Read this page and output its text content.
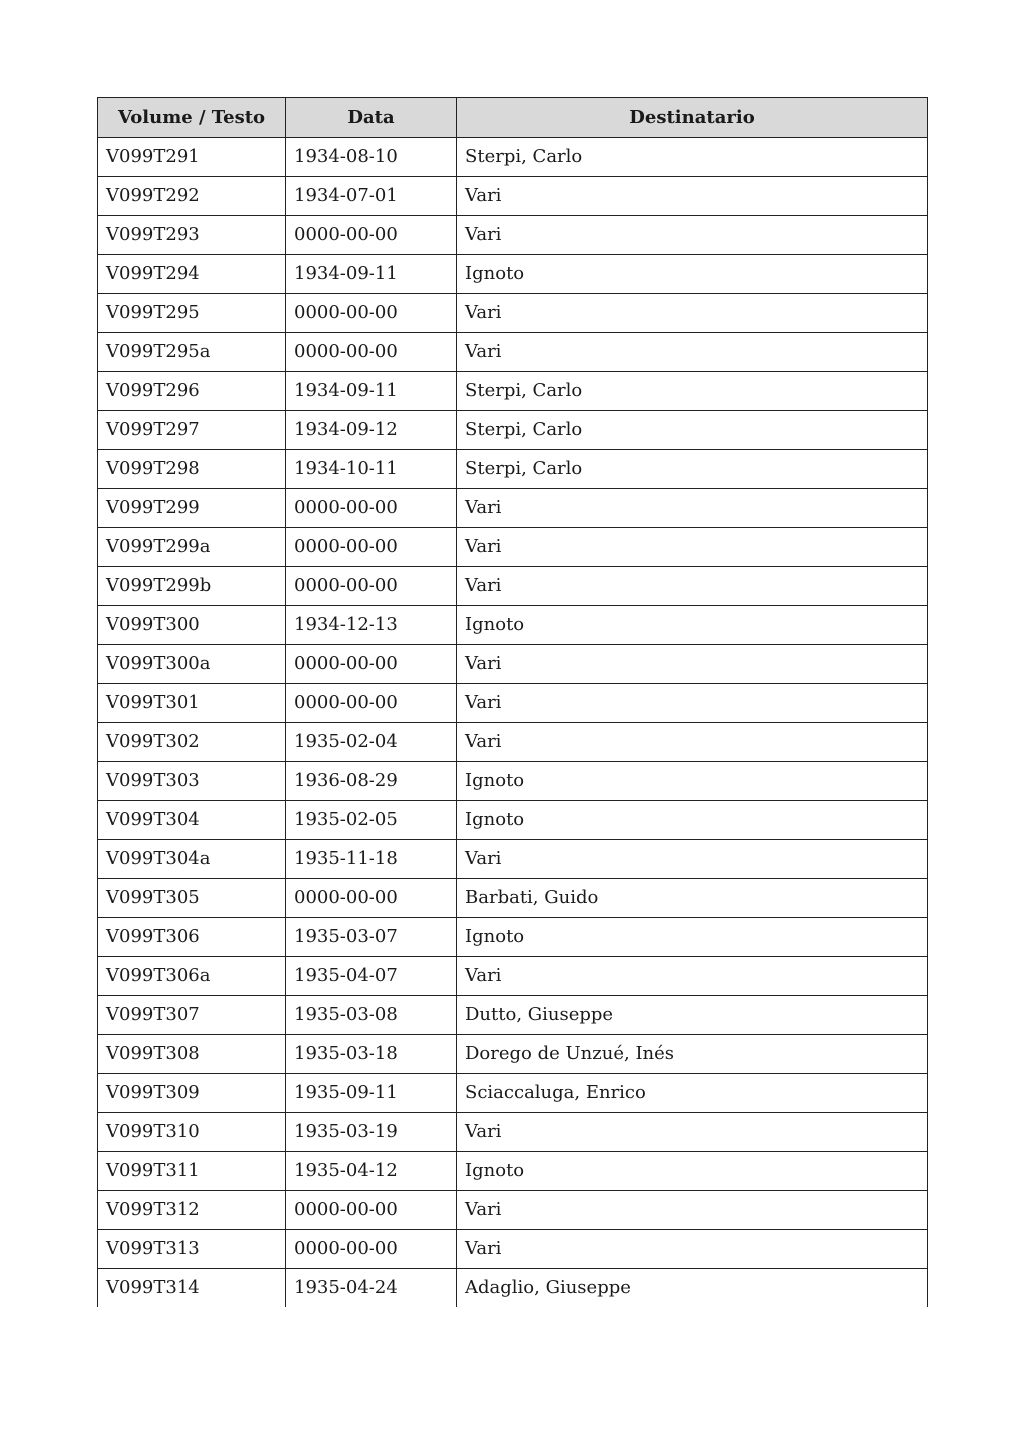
Volume / Testo	Data	Destinatario
V099T291	1934-08-10	Sterpi, Carlo
V099T292	1934-07-01	Vari
V099T293	0000-00-00	Vari
V099T294	1934-09-11	Ignoto
V099T295	0000-00-00	Vari
V099T295a	0000-00-00	Vari
V099T296	1934-09-11	Sterpi, Carlo
V099T297	1934-09-12	Sterpi, Carlo
V099T298	1934-10-11	Sterpi, Carlo
V099T299	0000-00-00	Vari
V099T299a	0000-00-00	Vari
V099T299b	0000-00-00	Vari
V099T300	1934-12-13	Ignoto
V099T300a	0000-00-00	Vari
V099T301	0000-00-00	Vari
V099T302	1935-02-04	Vari
V099T303	1936-08-29	Ignoto
V099T304	1935-02-05	Ignoto
V099T304a	1935-11-18	Vari
V099T305	0000-00-00	Barbati, Guido
V099T306	1935-03-07	Ignoto
V099T306a	1935-04-07	Vari
V099T307	1935-03-08	Dutto, Giuseppe
V099T308	1935-03-18	Dorego de Unzué, Inés
V099T309	1935-09-11	Sciaccaluga, Enrico
V099T310	1935-03-19	Vari
V099T311	1935-04-12	Ignoto
V099T312	0000-00-00	Vari
V099T313	0000-00-00	Vari
V099T314	1935-04-24	Adaglio, Giuseppe
